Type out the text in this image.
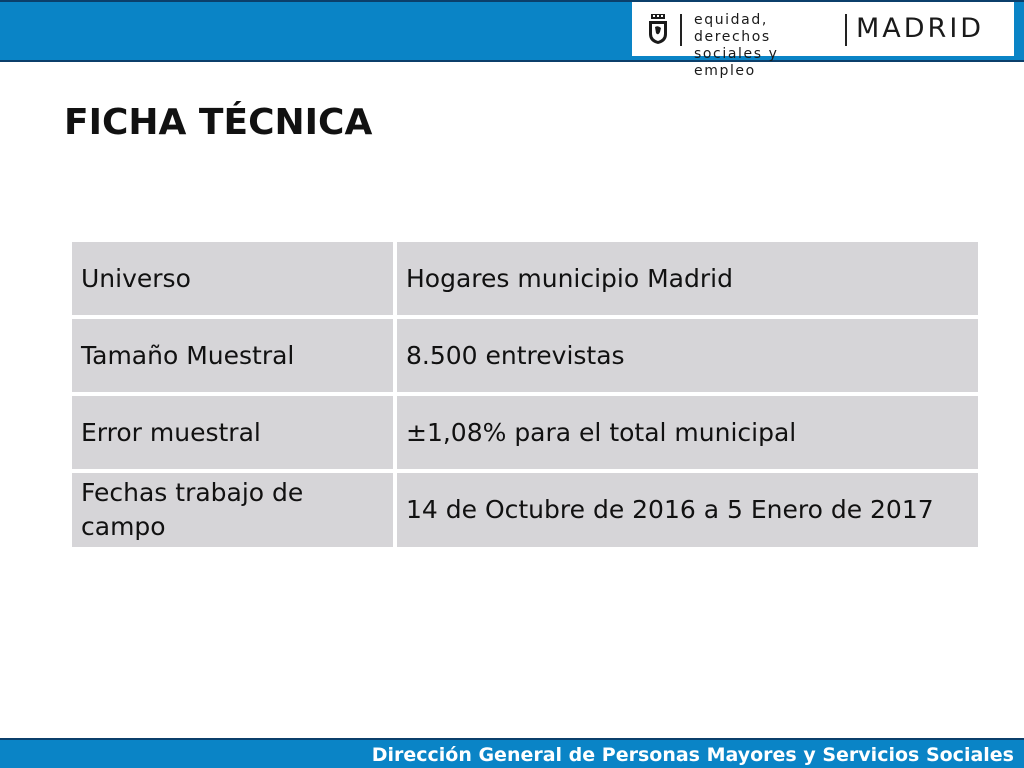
equidad, derechos
sociales y empleo
MADRID
FICHA TÉCNICA
Universo	Hogares municipio Madrid
Tamaño Muestral	8.500 entrevistas
Error muestral	±1,08% para el total municipal
Fechas trabajo de campo	14 de Octubre de 2016 a 5 Enero de 2017
Dirección General de Personas Mayores y Servicios Sociales
